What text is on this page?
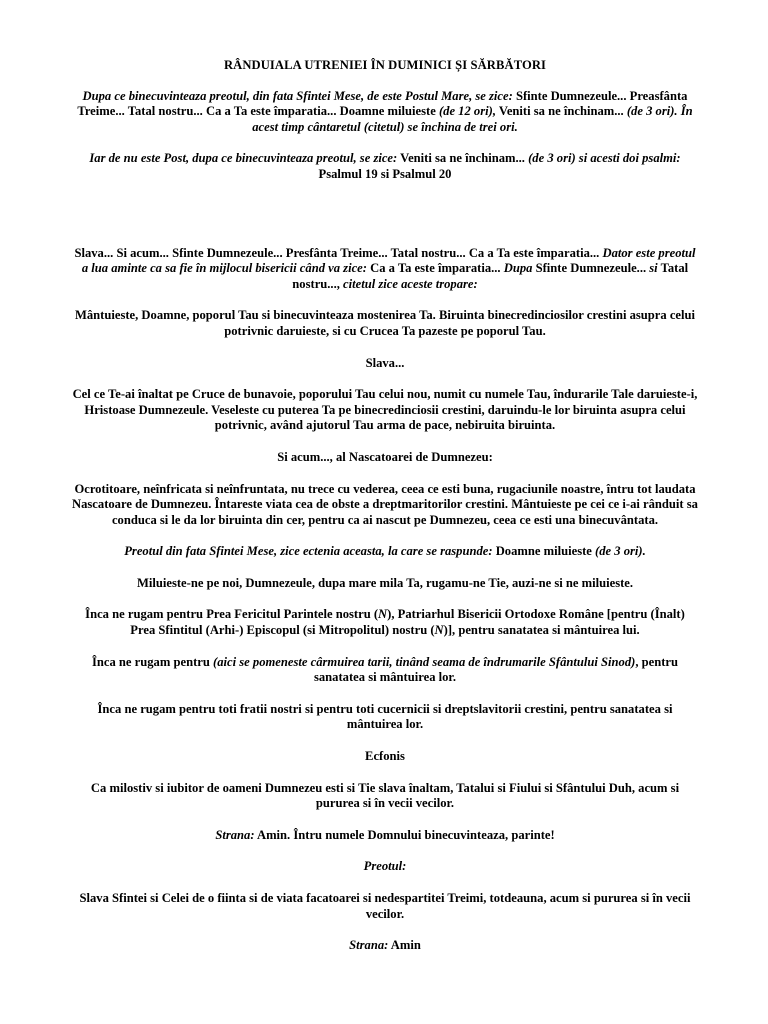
RÂNDUIALA UTRENIEI ÎN DUMINICI ȘI SĂRBĂTORI

Dupa ce binecuvinteaza preotul, din fata Sfintei Mese, de este Postul Mare, se zice: Sfinte Dumnezeule... Preasfânta Treime... Tatal nostru... Ca a Ta este împaratia... Doamne miluieste (de 12 ori), Veniti sa ne închinam... (de 3 ori). În acest timp cântaretul (citetul) se închina de trei ori.

Iar de nu este Post, dupa ce binecuvinteaza preotul, se zice: Veniti sa ne închinam... (de 3 ori) si acesti doi psalmi: Psalmul 19 si Psalmul 20

Slava... Si acum... Sfinte Dumnezeule... Presfânta Treime... Tatal nostru... Ca a Ta este împaratia... Dator este preotul a lua aminte ca sa fie în mijlocul bisericii când va zice: Ca a Ta este împaratia... Dupa Sfinte Dumnezeule... si Tatal nostru..., citetul zice aceste tropare:

Mântuieste, Doamne, poporul Tau si binecuvinteaza mostenirea Ta. Biruinta binecredinciosilor crestini asupra celui potrivnic daruieste, si cu Crucea Ta pazeste pe poporul Tau.

Slava...

Cel ce Te-ai înaltat pe Cruce de bunavoie, poporului Tau celui nou, numit cu numele Tau, îndurarile Tale daruieste-i, Hristoase Dumnezeule. Veseleste cu puterea Ta pe binecredinciosii crestini, daruindu-le lor biruinta asupra celui potrivnic, având ajutorul Tau arma de pace, nebiruita biruinta.

Si acum..., al Nascatoarei de Dumnezeu:

Ocrotitoare, neînfricata si neînfruntata, nu trece cu vederea, ceea ce esti buna, rugaciunile noastre, întru tot laudata Nascatoare de Dumnezeu. Întareste viata cea de obste a dreptmaritorilor crestini. Mântuieste pe cei ce i-ai rânduit sa conduca si le da lor biruinta din cer, pentru ca ai nascut pe Dumnezeu, ceea ce esti una binecuvântata.

Preotul din fata Sfintei Mese, zice ectenia aceasta, la care se raspunde: Doamne miluieste (de 3 ori).

Miluieste-ne pe noi, Dumnezeule, dupa mare mila Ta, rugamu-ne Tie, auzi-ne si ne miluieste.

Înca ne rugam pentru Prea Fericitul Parintele nostru (N), Patriarhul Bisericii Ortodoxe Române [pentru (Înalt) Prea Sfintitul (Arhi-) Episcopul (si Mitropolitul) nostru (N)], pentru sanatatea si mântuirea lui.

Înca ne rugam pentru (aici se pomeneste cârmuirea tarii, tinând seama de îndrumarile Sfântului Sinod), pentru sanatatea si mântuirea lor.

Înca ne rugam pentru toti fratii nostri si pentru toti cucernicii si dreptslavitorii crestini, pentru sanatatea si mântuirea lor.

Ecfonis

Ca milostiv si iubitor de oameni Dumnezeu esti si Tie slava înaltam, Tatalui si Fiului si Sfântului Duh, acum si pururea si în vecii vecilor.

Strana: Amin. Întru numele Domnului binecuvinteaza, parinte!

Preotul:

Slava Sfintei si Celei de o fiinta si de viata facatoarei si nedespartitei Treimi, totdeauna, acum si pururea si în vecii vecilor.

Strana: Amin
